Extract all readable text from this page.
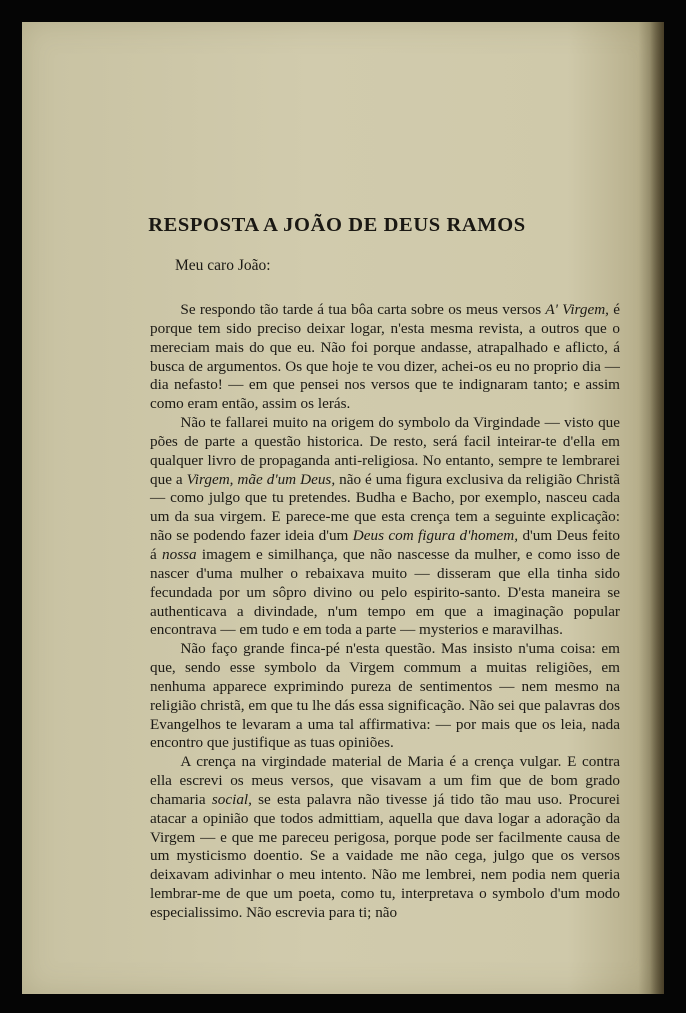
RESPOSTA A JOÃO DE DEUS RAMOS
Meu caro João:

Se respondo tão tarde á tua bôa carta sobre os meus versos A' Virgem, é porque tem sido preciso deixar logar, n'esta mesma revista, a outros que o mereciam mais do que eu. Não foi porque andasse, atrapalhado e aflicto, á busca de argumentos. Os que hoje te vou dizer, achei-os eu no proprio dia — dia nefasto! — em que pensei nos versos que te indignaram tanto; e assim como eram então, assim os lerás.

Não te fallarei muito na origem do symbolo da Virgindade — visto que pões de parte a questão historica. De resto, será facil inteirar-te d'ella em qualquer livro de propaganda anti-religiosa. No entanto, sempre te lembrarei que a Virgem, mãe d'um Deus, não é uma figura exclusiva da religião Christã — como julgo que tu pretendes. Budha e Bacho, por exemplo, nasceu cada um da sua virgem. E parece-me que esta crença tem a seguinte explicação: não se podendo fazer ideia d'um Deus com figura d'homem, d'um Deus feito á nossa imagem e similhança, que não nascesse da mulher, e como isso de nascer d'uma mulher o rebaixava muito — disseram que ella tinha sido fecundada por um sôpro divino ou pelo espirito-santo. D'esta maneira se authenticava a divindade, n'um tempo em que a imaginação popular encontrava — em tudo e em toda a parte — mysterios e maravilhas.

Não faço grande finca-pé n'esta questão. Mas insisto n'uma coisa: em que, sendo esse symbolo da Virgem commum a muitas religiões, em nenhuma apparece exprimindo pureza de sentimentos — nem mesmo na religião christã, em que tu lhe dás essa significação. Não sei que palavras dos Evangelhos te levaram a uma tal affirmativa: — por mais que os leia, nada encontro que justifique as tuas opiniões.

A crença na virgindade material de Maria é a crença vulgar. E contra ella escrevi os meus versos, que visavam a um fim que de bom grado chamaria social, se esta palavra não tivesse já tido tão mau uso. Procurei atacar a opinião que todos admittiam, aquella que dava logar a adoração da Virgem — e que me pareceu perigosa, porque pode ser facilmente causa de um mysticismo doentio. Se a vaidade me não cega, julgo que os versos deixavam adivinhar o meu intento. Não me lembrei, nem podia nem queria lembrar-me de que um poeta, como tu, interpretava o symbolo d'um modo especialissimo. Não escrevia para ti; não
